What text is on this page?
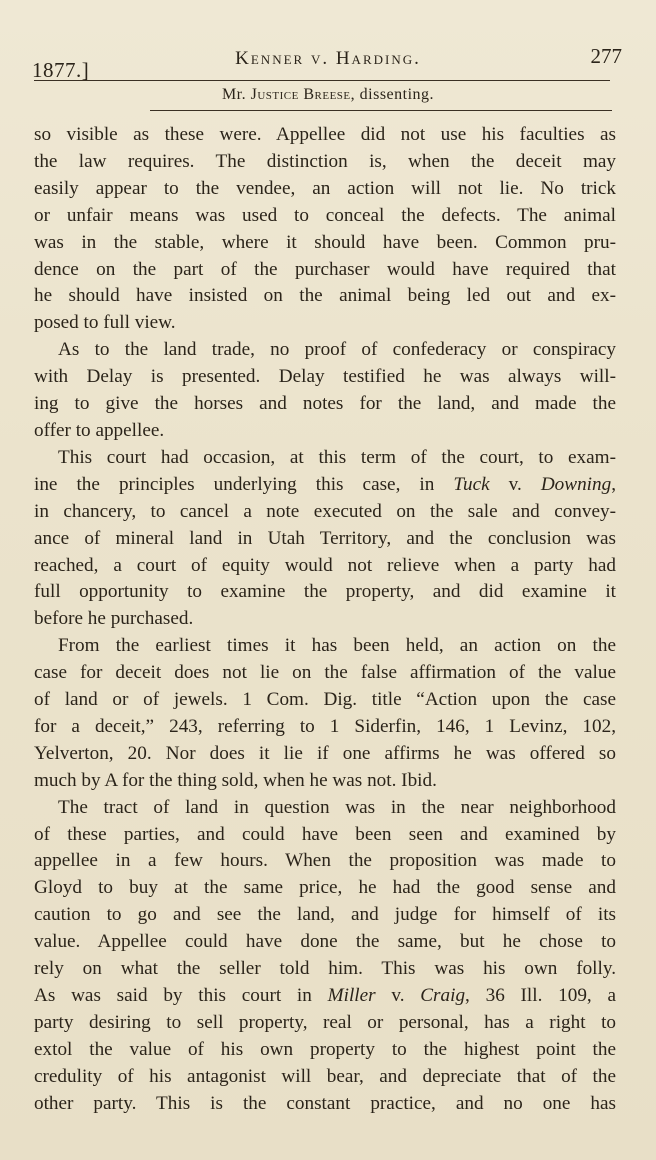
1877.]	Kenner v. Harding.	277
Mr. Justice Breese, dissenting.
so visible as these were. Appellee did not use his faculties as
the law requires. The distinction is, when the deceit may
easily appear to the vendee, an action will not lie. No trick
or unfair means was used to conceal the defects. The animal
was in the stable, where it should have been. Common pru-
dence on the part of the purchaser would have required that
he should have insisted on the animal being led out and ex-
posed to full view.
As to the land trade, no proof of confederacy or conspiracy
with Delay is presented. Delay testified he was always will-
ing to give the horses and notes for the land, and made the
offer to appellee.
This court had occasion, at this term of the court, to exam-
ine the principles underlying this case, in Tuck v. Downing,
in chancery, to cancel a note executed on the sale and convey-
ance of mineral land in Utah Territory, and the conclusion was
reached, a court of equity would not relieve when a party had
full opportunity to examine the property, and did examine it
before he purchased.
From the earliest times it has been held, an action on the
case for deceit does not lie on the false affirmation of the value
of land or of jewels. 1 Com. Dig. title “Action upon the case
for a deceit,” 243, referring to 1 Siderfin, 146, 1 Levinz, 102,
Yelverton, 20. Nor does it lie if one affirms he was offered so
much by A for the thing sold, when he was not. Ibid.
The tract of land in question was in the near neighborhood
of these parties, and could have been seen and examined by
appellee in a few hours. When the proposition was made to
Gloyd to buy at the same price, he had the good sense and
caution to go and see the land, and judge for himself of its
value. Appellee could have done the same, but he chose to
rely on what the seller told him. This was his own folly.
As was said by this court in Miller v. Craig, 36 Ill. 109, a
party desiring to sell property, real or personal, has a right to
extol the value of his own property to the highest point the
credulity of his antagonist will bear, and depreciate that of the
other party. This is the constant practice, and no one has
